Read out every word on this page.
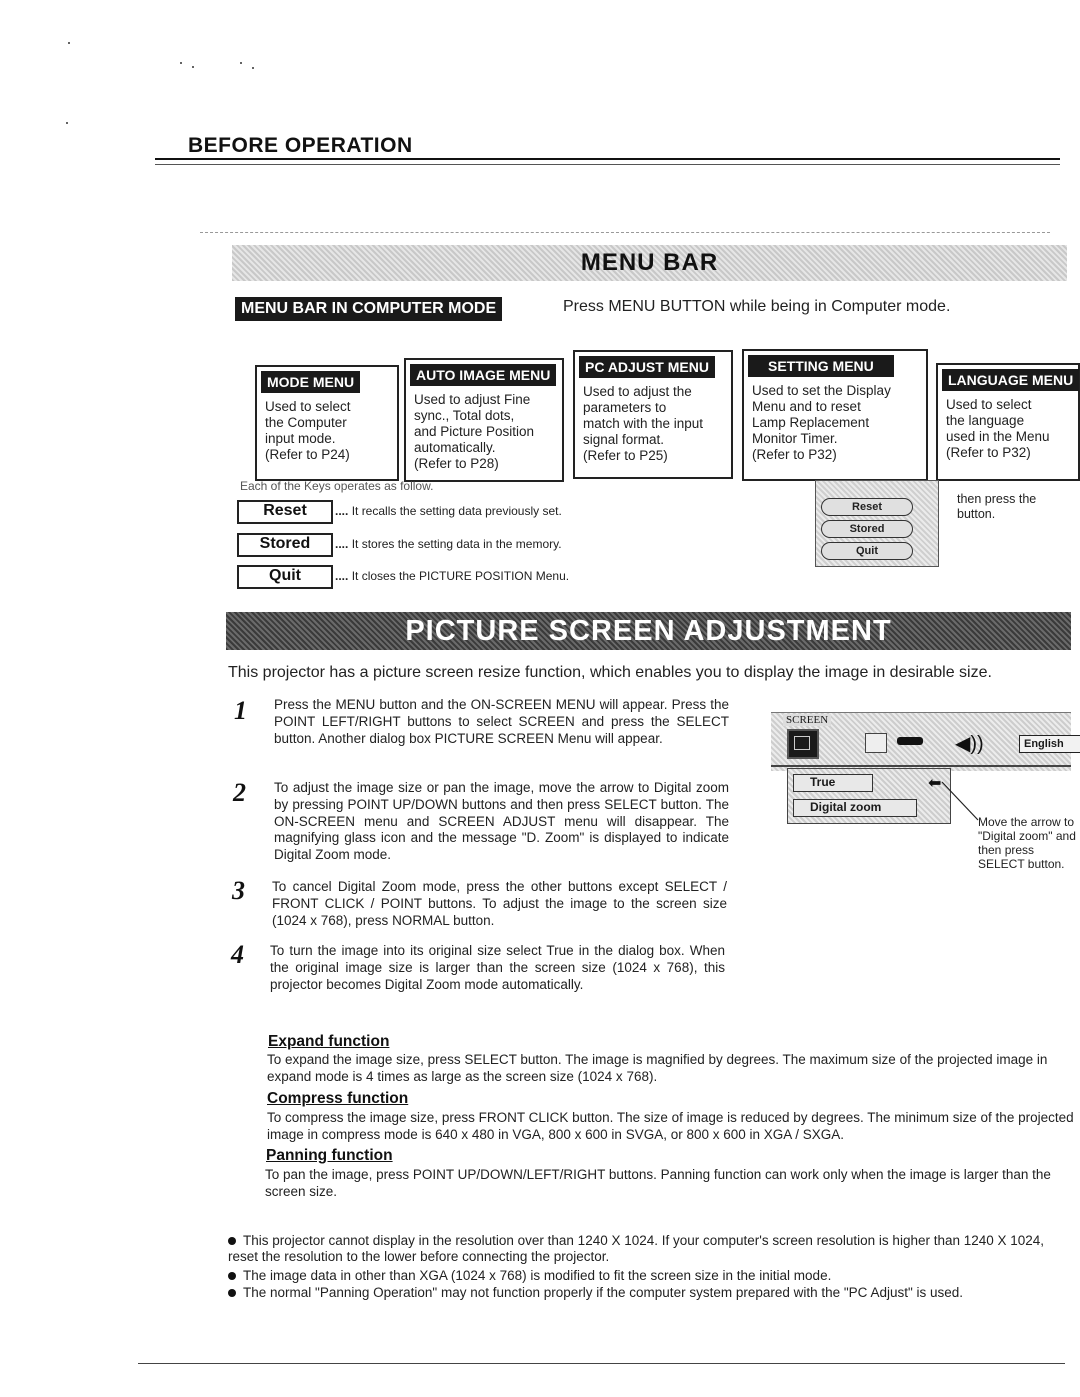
BEFORE OPERATION
MENU BAR
MENU BAR IN COMPUTER MODE	Press MENU BUTTON while being in Computer mode.
MODE MENU
Used to select
the Computer
input mode.
(Refer to P24)
AUTO IMAGE MENU
Used to adjust Fine
sync., Total dots,
and Picture Position
automatically.
(Refer to P28)
PC ADJUST MENU
Used to adjust the
parameters to
match with the input
signal format.
(Refer to P25)
SETTING MENU
Used to set the Display
Menu and to reset
Lamp Replacement
Monitor Timer.
(Refer to P32)
LANGUAGE MENU
Used to select
the language
used in the Menu
(Refer to P32)
Each of the Keys operates as follow.
Reset	.... It recalls the setting data previously set.
Stored	.... It stores the setting data in the memory.
Quit	.... It closes the PICTURE POSITION Menu.
Reset
Stored
Quit
then press the button.
PICTURE SCREEN ADJUSTMENT
This projector has a picture screen resize function, which enables you to display the image in desirable size.
1 Press the MENU button and the ON-SCREEN MENU will appear. Press the POINT LEFT/RIGHT buttons to select SCREEN and press the SELECT button. Another dialog box PICTURE SCREEN Menu will appear.
2 To adjust the image size or pan the image, move the arrow to Digital zoom by pressing POINT UP/DOWN buttons and then press SELECT button. The ON-SCREEN menu and SCREEN ADJUST menu will disappear. The magnifying glass icon and the message "D. Zoom" is displayed to indicate Digital Zoom mode.
3 To cancel Digital Zoom mode, press the other buttons except SELECT / FRONT CLICK / POINT buttons. To adjust the image to the screen size (1024 x 768), press NORMAL button.
4 To turn the image into its original size select True in the dialog box. When the original image size is larger than the screen size (1024 x 768), this projector becomes Digital Zoom mode automatically.
SCREEN
◀))	English
True
Digital zoom
⬅
Move the arrow to "Digital zoom" and then press SELECT button.
Expand function
To expand the image size, press SELECT button. The image is magnified by degrees. The maximum size of the projected image in expand mode is 4 times as large as the screen size (1024 x 768).
Compress function
To compress the image size, press FRONT CLICK button. The size of image is reduced by degrees. The minimum size of the projected image in compress mode is 640 x 480 in VGA, 800 x 600 in SVGA, or 800 x 600 in XGA / SXGA.
Panning function
To pan the image, press POINT UP/DOWN/LEFT/RIGHT buttons. Panning function can work only when the image is larger than the screen size.
This projector cannot display in the resolution over than 1240 X 1024. If your computer's screen resolution is higher than 1240 X 1024, reset the resolution to the lower before connecting the projector.
The image data in other than XGA (1024 x 768) is modified to fit the screen size in the initial mode.
The normal "Panning Operation" may not function properly if the computer system prepared with the "PC Adjust" is used.
